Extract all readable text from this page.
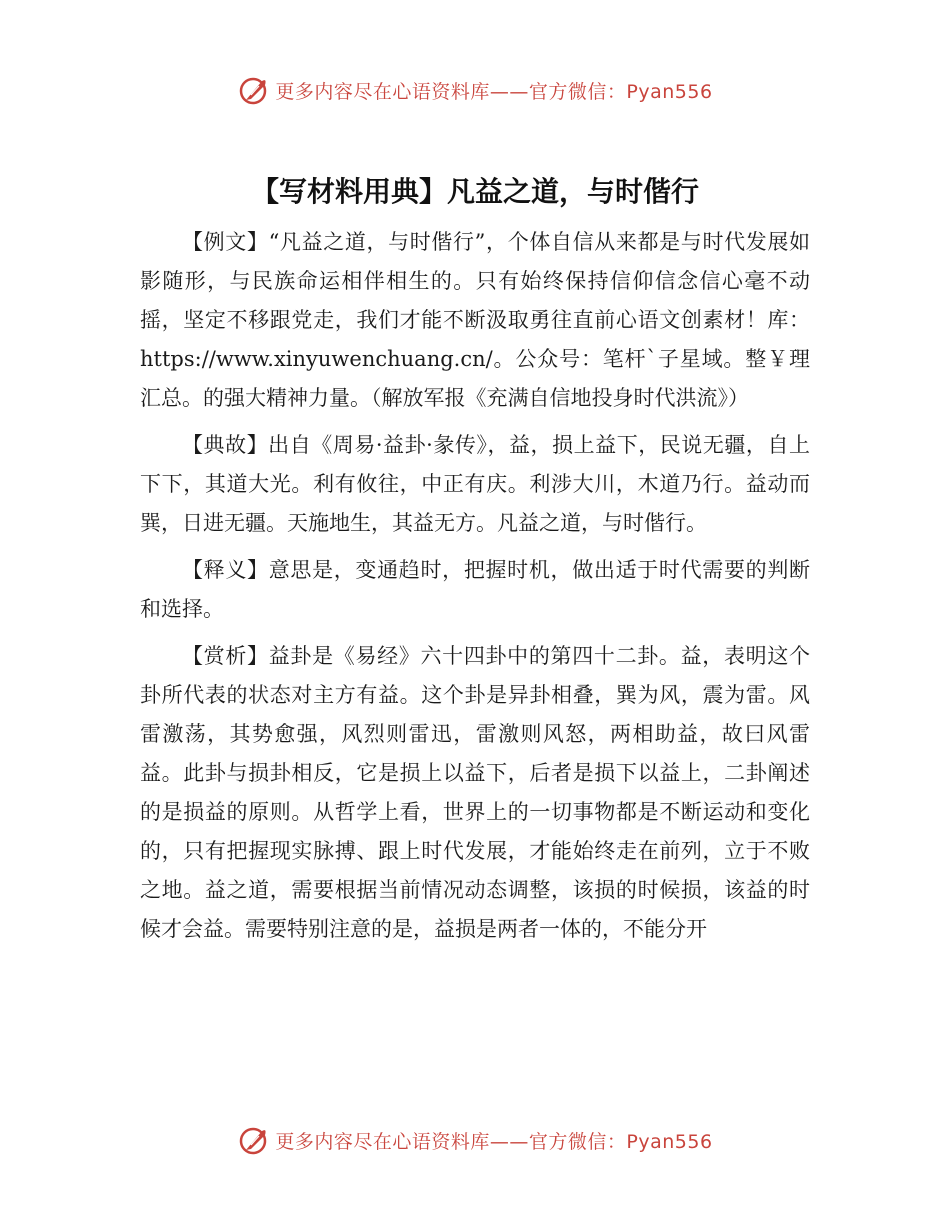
更多内容尽在心语资料库——官方微信：Pyan556
【写材料用典】凡益之道，与时偕行

【例文】“凡益之道，与时偕行”，个体自信从来都是与时代发展如影随形，与民族命运相伴相生的。只有始终保持信仰信念信心毫不动摇，坚定不移跟党走，我们才能不断汲取勇往直前心语文创素材！库：https://www.xinyuwenchuang.cn/。公众号：笔杆`子星域。整￥理汇总。的强大精神力量。（解放军报《充满自信地投身时代洪流》）

【典故】出自《周易·益卦·彖传》，益，损上益下，民说无疆，自上下下，其道大光。利有攸往，中正有庆。利涉大川，木道乃行。益动而巽，日进无疆。天施地生，其益无方。凡益之道，与时偕行。

【释义】意思是，变通趋时，把握时机，做出适于时代需要的判断和选择。

【赏析】益卦是《易经》六十四卦中的第四十二卦。益，表明这个卦所代表的状态对主方有益。这个卦是异卦相叠，巽为风，震为雷。风雷激荡，其势愈强，风烈则雷迅，雷激则风怒，两相助益，故曰风雷益。此卦与损卦相反，它是损上以益下，后者是损下以益上，二卦阐述的是损益的原则。从哲学上看，世界上的一切事物都是不断运动和变化的，只有把握现实脉搏、跟上时代发展，才能始终走在前列，立于不败之地。益之道，需要根据当前情况动态调整，该损的时候损，该益的时候才会益。需要特别注意的是，益损是两者一体的，不能分开

更多内容尽在心语资料库——官方微信：Pyan556
